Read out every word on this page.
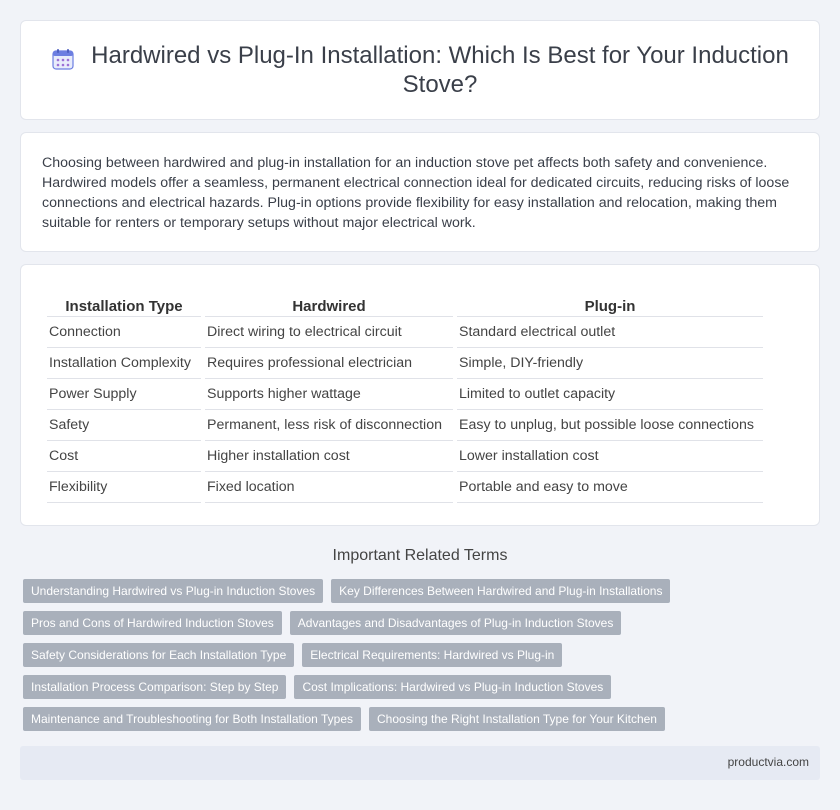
Hardwired vs Plug-In Installation: Which Is Best for Your Induction Stove?

Choosing between hardwired and plug-in installation for an induction stove pet affects both safety and convenience. Hardwired models offer a seamless, permanent electrical connection ideal for dedicated circuits, reducing risks of loose connections and electrical hazards. Plug-in options provide flexibility for easy installation and relocation, making them suitable for renters or temporary setups without major electrical work.

Installation Type	Hardwired	Plug-in
Connection	Direct wiring to electrical circuit	Standard electrical outlet
Installation Complexity	Requires professional electrician	Simple, DIY-friendly
Power Supply	Supports higher wattage	Limited to outlet capacity
Safety	Permanent, less risk of disconnection	Easy to unplug, but possible loose connections
Cost	Higher installation cost	Lower installation cost
Flexibility	Fixed location	Portable and easy to move
Important Related Terms
Understanding Hardwired vs Plug-in Induction Stoves	Key Differences Between Hardwired and Plug-in Installations
Pros and Cons of Hardwired Induction Stoves	Advantages and Disadvantages of Plug-in Induction Stoves
Safety Considerations for Each Installation Type	Electrical Requirements: Hardwired vs Plug-in
Installation Process Comparison: Step by Step	Cost Implications: Hardwired vs Plug-in Induction Stoves
Maintenance and Troubleshooting for Both Installation Types	Choosing the Right Installation Type for Your Kitchen
productvia.com
